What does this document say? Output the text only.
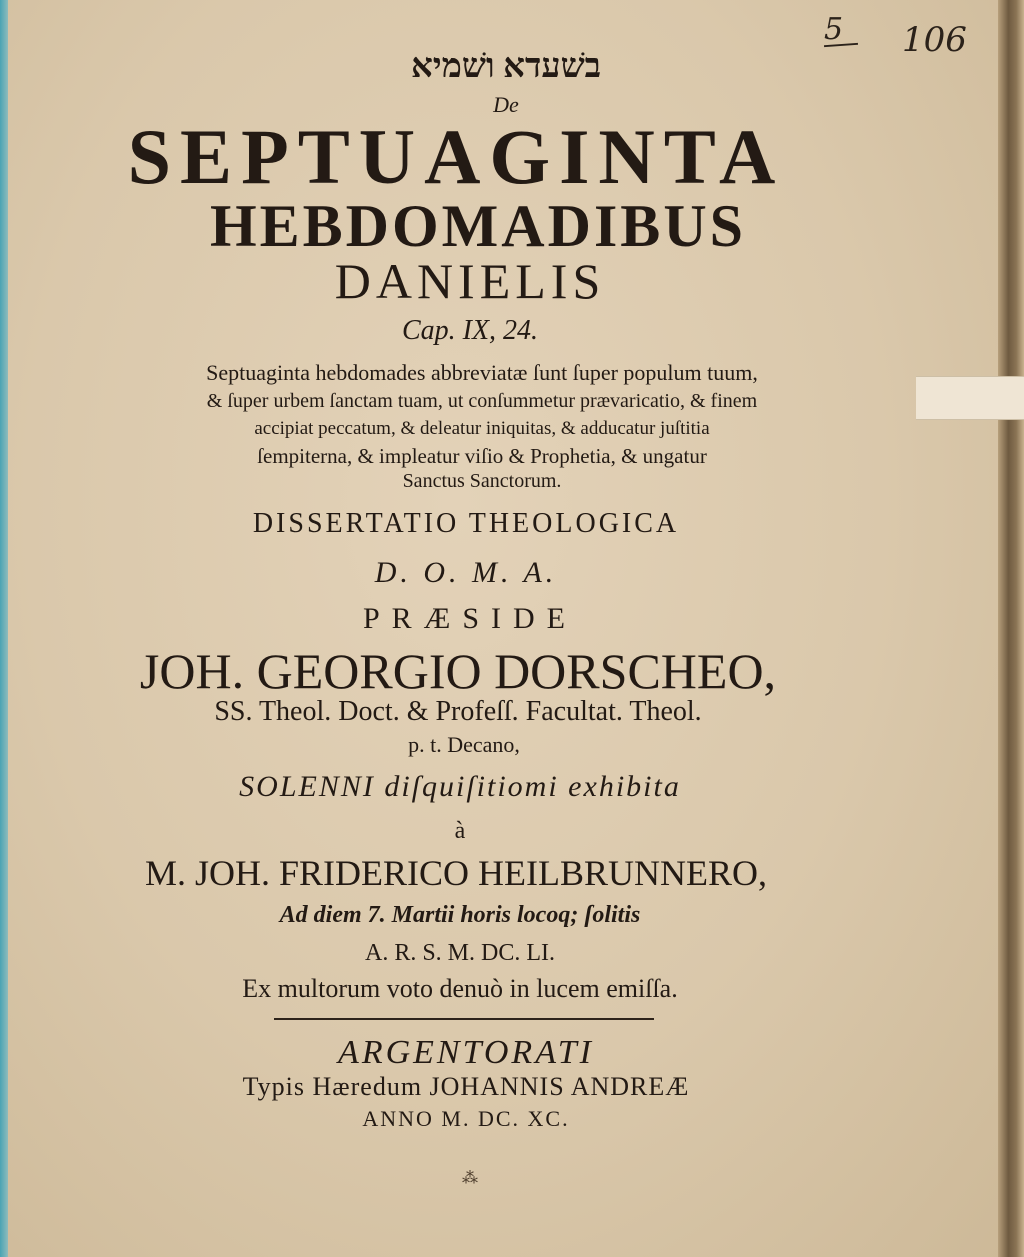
5 106
בשׁעדא ושׁמיא
De
SEPTUAGINTA
HEBDOMADIBUS
DANIELIS
Cap. IX, 24.
Septuaginta hebdomades abbreviatæ ſunt ſuper populum tuum,
& ſuper urbem ſanctam tuam, ut conſummetur prævaricatio, & finem
accipiat peccatum, & deleatur iniquitas, & adducatur juſtitia
ſempiterna, & impleatur viſio & Prophetia, & ungatur
Sanctus Sanctorum.
DISSERTATIO THEOLOGICA
D. O. M. A.
PRÆSIDE
JOH. GEORGIO DORSCHEO,
SS. Theol. Doct. & Profeſſ. Facultat. Theol.
p. t. Decano,
SOLENNI diſquiſitiomi exhibita
à
M. JOH. FRIDERICO HEILBRUNNERO,
Ad diem 7. Martii horis locoq; ſolitis
A. R. S. M. DC. LI.
Ex multorum voto denuò in lucem emiſſa.
ARGENTORATI
Typis Hæredum JOHANNIS ANDREÆ
ANNO M. DC. XC.
⁂
